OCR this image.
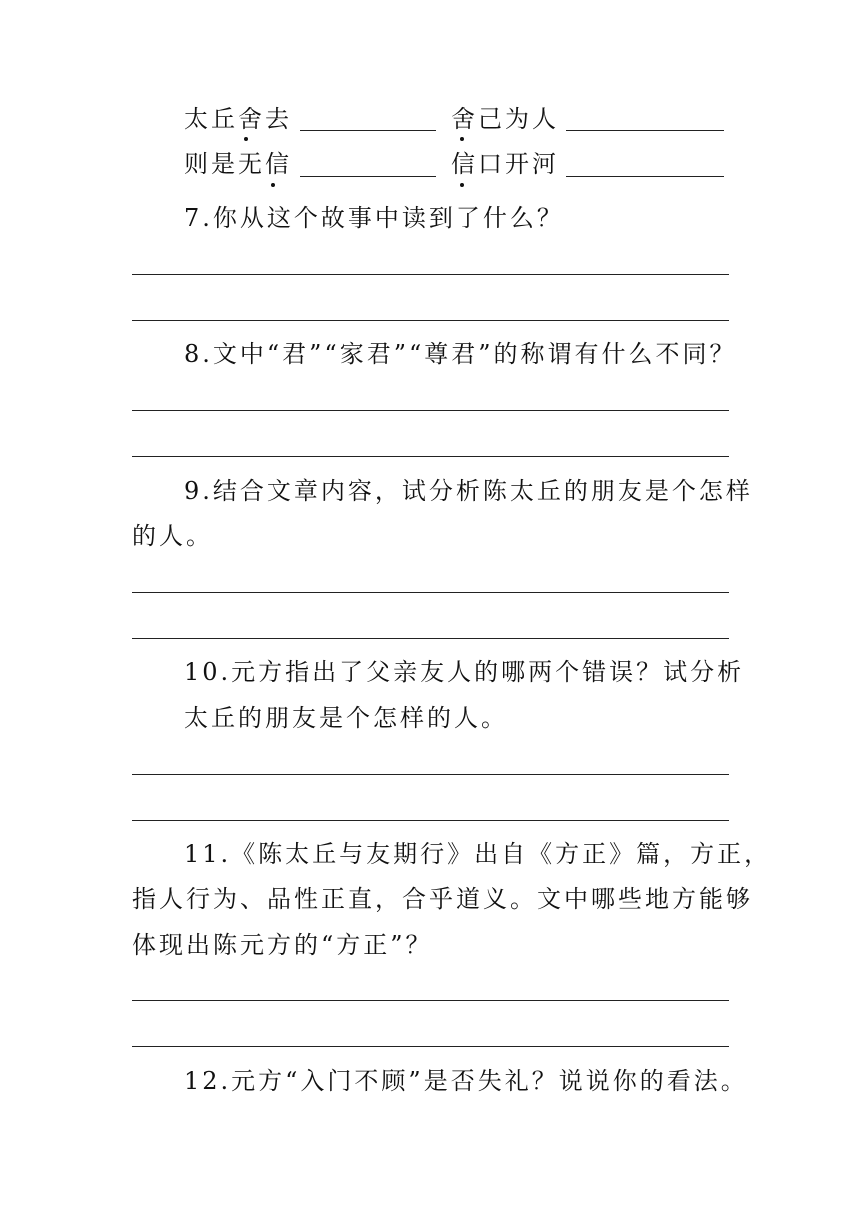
太丘舍去	舍己为人
则是无信	信口开河
7.你从这个故事中读到了什么？
8.文中“君”“家君”“尊君”的称谓有什么不同？
9.结合文章内容，试分析陈太丘的朋友是个怎样
的人。
10.元方指出了父亲友人的哪两个错误？试分析
太丘的朋友是个怎样的人。
11.《陈太丘与友期行》出自《方正》篇，方正，
指人行为、品性正直，合乎道义。文中哪些地方能够
体现出陈元方的“方正”？
12.元方“入门不顾”是否失礼？说说你的看法。
